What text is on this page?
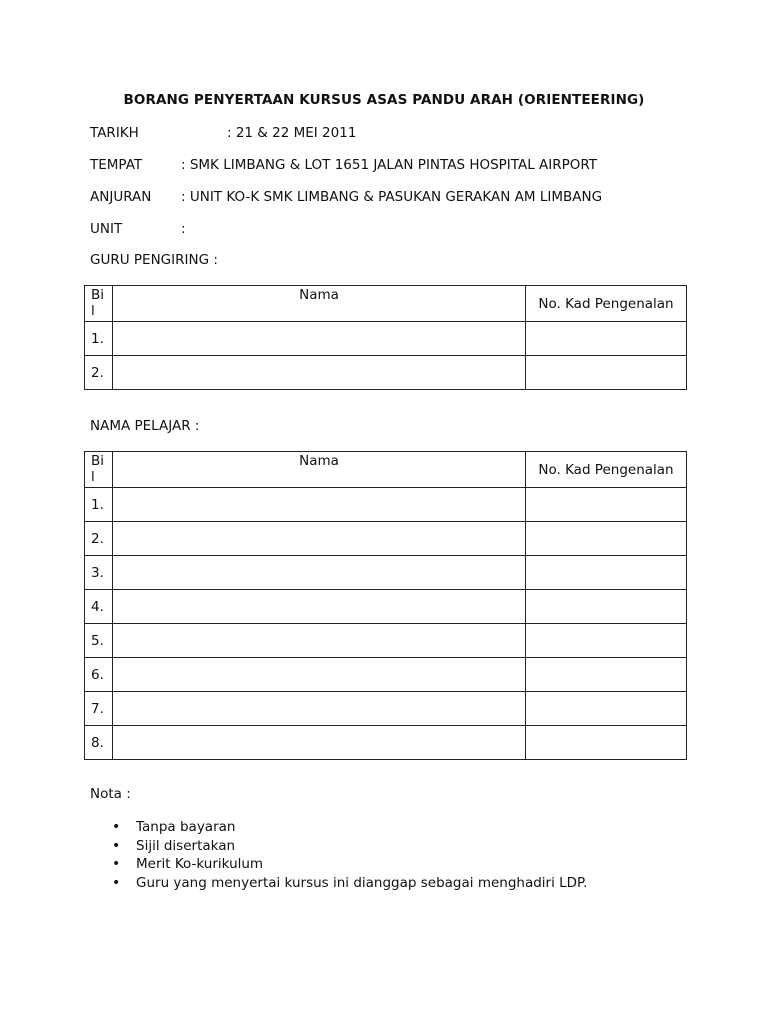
BORANG PENYERTAAN KURSUS ASAS PANDU ARAH (ORIENTEERING)
TARIKH	: 21 & 22 MEI 2011
TEMPAT	: SMK LIMBANG & LOT 1651 JALAN PINTAS HOSPITAL AIRPORT
ANJURAN : UNIT KO-K SMK LIMBANG & PASUKAN GERAKAN AM LIMBANG
UNIT	:
GURU PENGIRING :
Bi
l	Nama	No. Kad Pengenalan
1.		
2.		
NAMA PELAJAR :
Bi
l	Nama	No. Kad Pengenalan
1.		
2.		
3.		
4.		
5.		
6.		
7.		
8.		
Nota :
• Tanpa bayaran
• Sijil disertakan
• Merit Ko-kurikulum
• Guru yang menyertai kursus ini dianggap sebagai menghadiri LDP.
